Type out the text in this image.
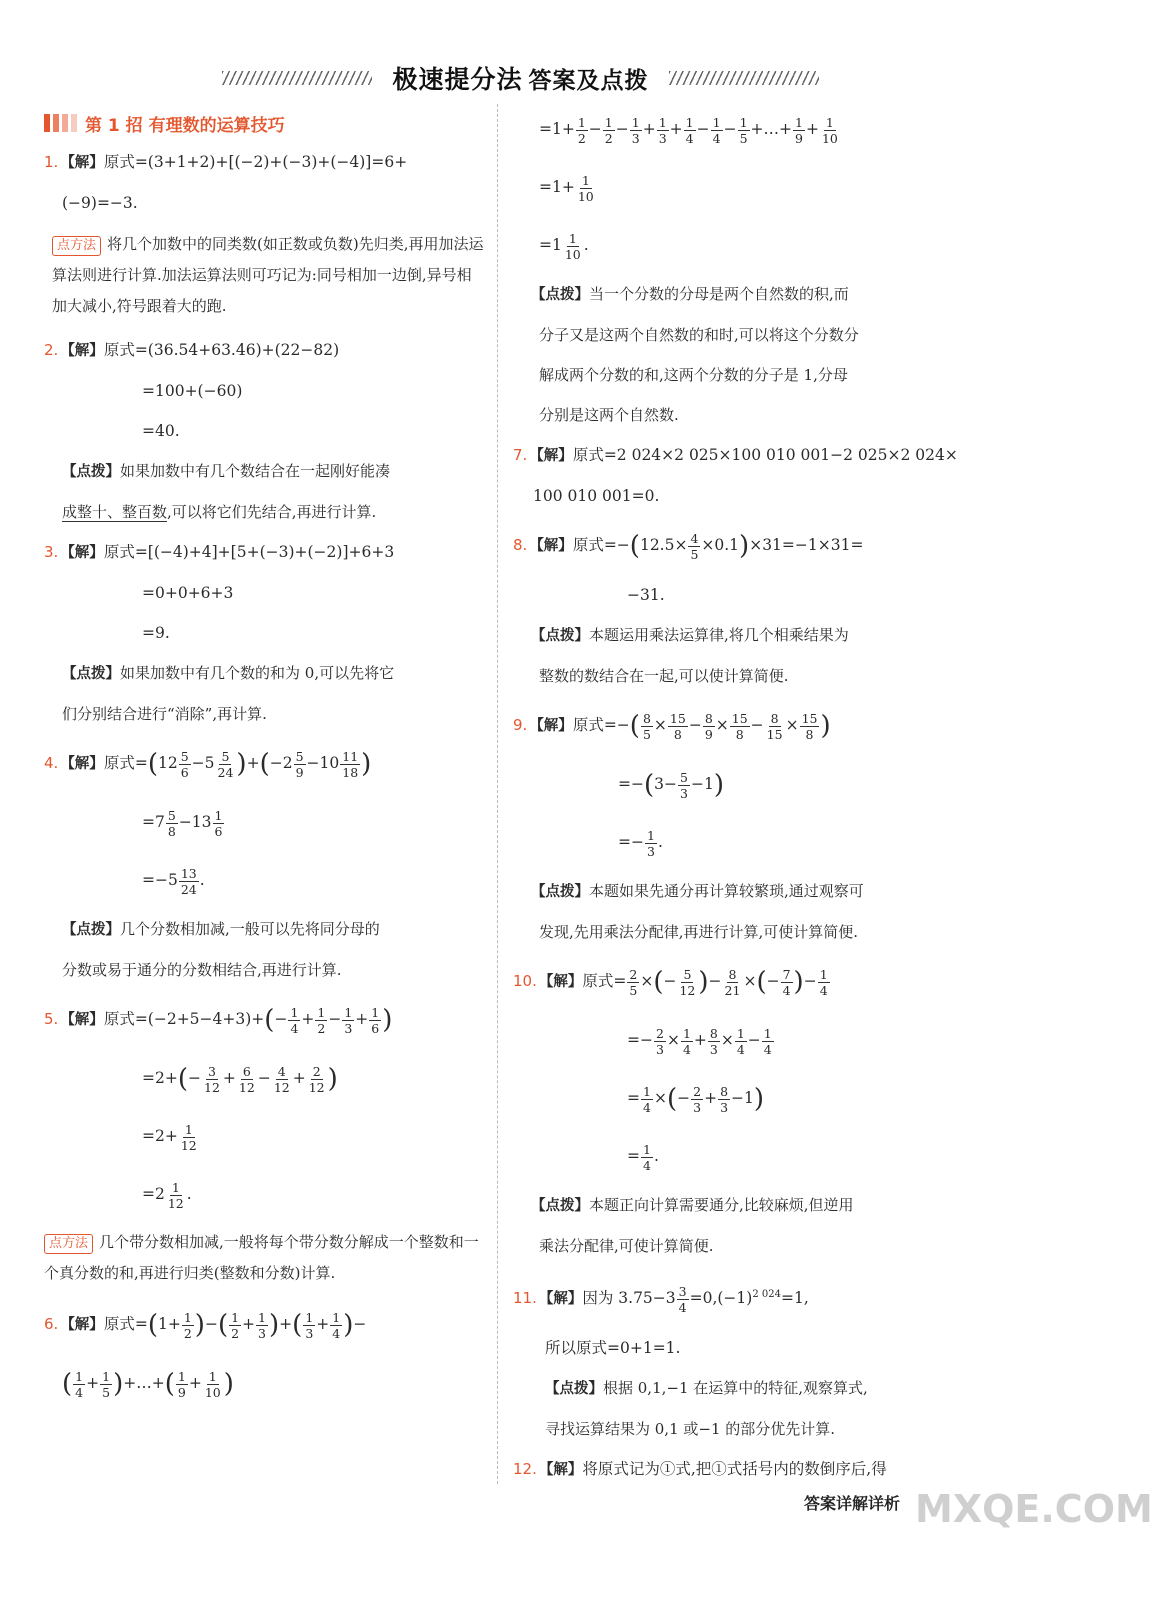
极速提分法 答案及点拨
第 1 招 有理数的运算技巧

1. 【解】原式=(3+1+2)+[(−2)+(−3)+(−4)]=6+

(−9)=−3.

点方法 将几个加数中的同类数(如正数或负数)先归类,再用加法运算法则进行计算.加法运算法则可巧记为:同号相加一边倒,异号相加大减小,符号跟着大的跑.

2. 【解】原式=(36.54+63.46)+(22−82)

=100+(−60)

=40.

【点拨】如果加数中有几个数结合在一起刚好能凑

成整十、整百数,可以将它们先结合,再进行计算.

3. 【解】原式=[(−4)+4]+[5+(−3)+(−2)]+6+3

=0+0+6+3

=9.

【点拨】如果加数中有几个数的和为 0,可以先将它

们分别结合进行“消除”,再计算.

4. 【解】原式$=(12 \frac{5}{6} -5 \frac{5}{24} )+(-2 \frac{5}{9} -10 \frac{11}{18}$ )

$=7 \frac{5}{8} -13 \frac{1}{6}$

$=-5 \frac{13}{24}$ .

【点拨】几个分数相加减,一般可以先将同分母的

分数或易于通分的分数相结合,再进行计算.

5. 【解】原式$=(-2+5-4+3)+(- \frac{1}{4} + \frac{1}{2} - \frac{1}{3} + \frac{1}{6}$ )

$=2+(- \frac{3}{12} + \frac{6}{12} - \frac{4}{12} + \frac{2}{12}$ )

$=2+ \frac{1}{12}$

$=2 \frac{1}{12}$ .

点方法 几个带分数相加减,一般将每个带分数分解成一个整数和一个真分数的和,再进行归类(整数和分数)计算.

6. 【解】原式$=(1+ \frac{1}{2}$ )−( $\frac{1}{2} + \frac{1}{3}$ )+( $\frac{1}{3} + \frac{1}{4}$ )−

( $\frac{1}{4} + \frac{1}{5}$ )+…+( $\frac{1}{9} + \frac{1}{10}$ )

$=1+ \frac{1}{2} - \frac{1}{2} - \frac{1}{3} + \frac{1}{3} + \frac{1}{4} - \frac{1}{4} - \frac{1}{5}$ +…+ $\frac{1}{9} + \frac{1}{10}$

$=1+ \frac{1}{10}$

$=1 \frac{1}{10}$ .

【点拨】当一个分数的分母是两个自然数的积,而

分子又是这两个自然数的和时,可以将这个分数分

解成两个分数的和,这两个分数的分子是 1,分母

分别是这两个自然数.

7. 【解】原式=2 024×2 025×100 010 001−2 025×2 024×

100 010 001=0.

8. 【解】原式$=-(12.5\times \frac{4}{5} \times 0.1)\times 31=-1\times 31=$

−31.

【点拨】本题运用乘法运算律,将几个相乘结果为

整数的数结合在一起,可以使计算简便.

9. 【解】原式=−( $\frac{8}{5} \times \frac{15}{8} - \frac{8}{9} \times \frac{15}{8} - \frac{8}{15} \times \frac{15}{8}$ )

$=-(3- \frac{5}{3} -1)$

=− $\frac{1}{3}$ .

【点拨】本题如果先通分再计算较繁琐,通过观察可

发现,先用乘法分配律,再进行计算,可使计算简便.

10. 【解】原式= $\frac{2}{5}$ ×(− $\frac{5}{12}$ )− $\frac{8}{21}$ ×(− $\frac{7}{4}$ )− $\frac{1}{4}$

=− $\frac{2}{3} \times \frac{1}{4} + \frac{8}{3} \times \frac{1}{4} - \frac{1}{4}$

= $\frac{1}{4}$ ×(− $\frac{2}{3} + \frac{8}{3} -1$)

= $\frac{1}{4}$ .

【点拨】本题正向计算需要通分,比较麻烦,但逆用

乘法分配律,可使计算简便.

11. 【解】因为 $3.75-3 \frac{3}{4} =0,(-1)^{2 024}=1$,

所以原式=0+1=1.

【点拨】根据 0,1,−1 在运算中的特征,观察算式,

寻找运算结果为 0,1 或−1 的部分优先计算.

12. 【解】将原式记为①式,把①式括号内的数倒序后,得

答案详解详析 MXQE.COM
